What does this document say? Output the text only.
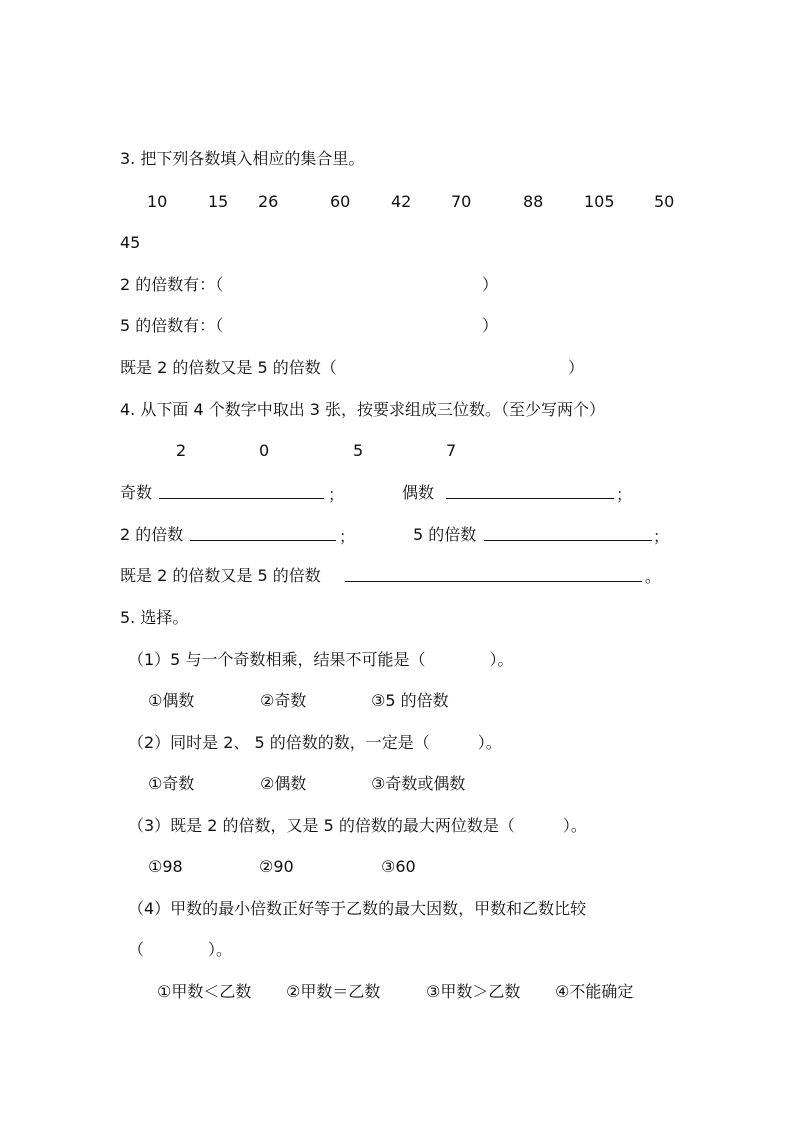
3. 把下列各数填入相应的集合里。
10	15 26	60	42 70	88	105 50
45
2 的倍数有：（	）
5 的倍数有：（	）
既是 2 的倍数又是 5 的倍数（	）
4. 从下面 4 个数字中取出 3 张，按要求组成三位数。（至少写两个）
2	0	5	7
奇数	；	偶数	；
2 的倍数	；	5 的倍数	；
既是 2 的倍数又是 5 的倍数	。
5. 选择。
（1）5 与一个奇数相乘，结果不可能是（　　　　）。
①偶数	②奇数	③5 的倍数
（2）同时是 2、 5 的倍数的数，一定是（　　　）。
①奇数	②偶数	③奇数或偶数
（3）既是 2 的倍数，又是 5 的倍数的最大两位数是（　　　）。
①98	②90	③60
（4）甲数的最小倍数正好等于乙数的最大因数，甲数和乙数比较
（　　　　）。
①甲数＜乙数 ②甲数＝乙数	③甲数＞乙数 ④不能确定
